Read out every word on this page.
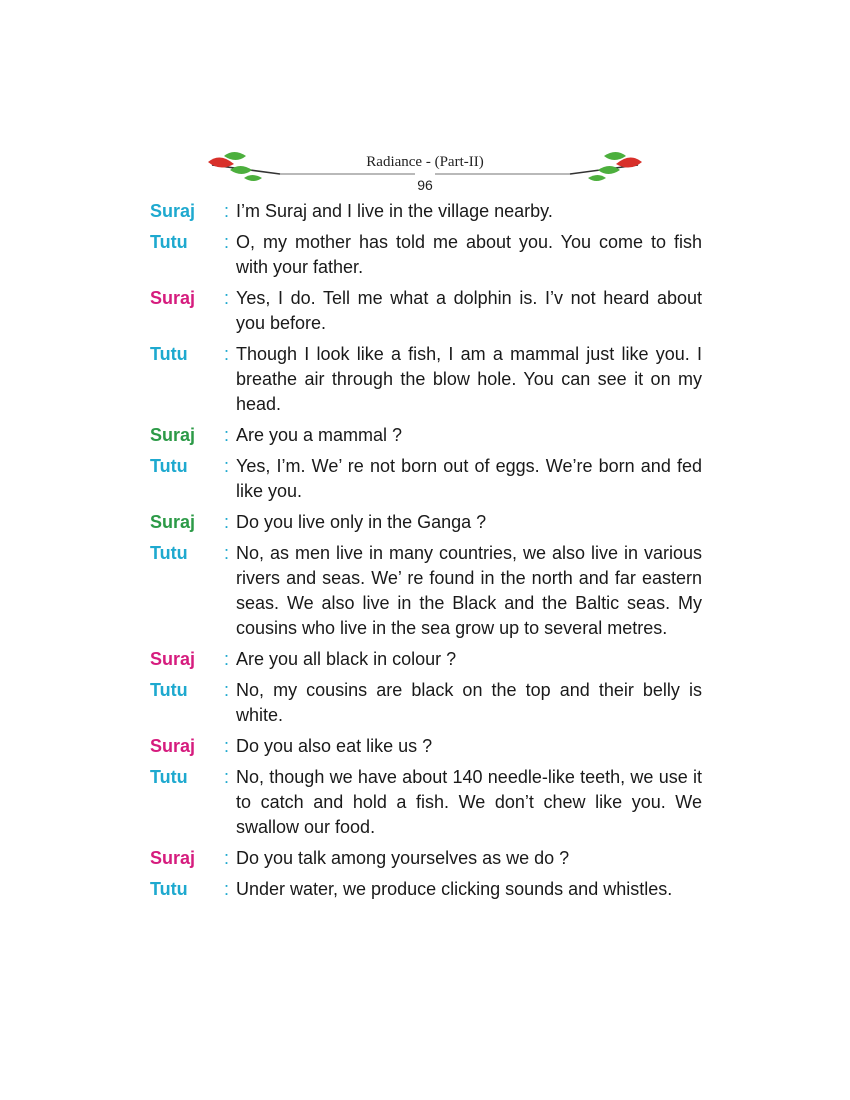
Radiance - (Part-II)
96
Suraj	: I’m Suraj and I live in the village nearby.
Tutu	: O, my mother has told me about you. You come to fish with your father.
Suraj	: Yes, I do. Tell me what a dolphin is. I’v not heard about you before.
Tutu	: Though I look like a fish, I am a mammal just like you. I breathe air through the blow hole. You can see it on my head.
Suraj	: Are you a mammal ?
Tutu	: Yes, I’m. We’ re not born out of eggs. We’re born and fed like you.
Suraj	: Do you live only in the Ganga ?
Tutu	: No, as men live in many countries, we also live in various rivers and seas. We’ re found in the north and far eastern seas. We also live in the Black and the Baltic seas. My cousins who live in the sea grow up to several metres.
Suraj	: Are you all black in colour ?
Tutu	: No, my cousins are black on the top and their belly is white.
Suraj	: Do you also eat like us ?
Tutu	: No, though we have about 140 needle-like teeth, we use it to catch and hold a fish. We don’t chew like you. We swallow our food.
Suraj	: Do you talk among yourselves as we do ?
Tutu	: Under water, we produce clicking sounds and whistles.
